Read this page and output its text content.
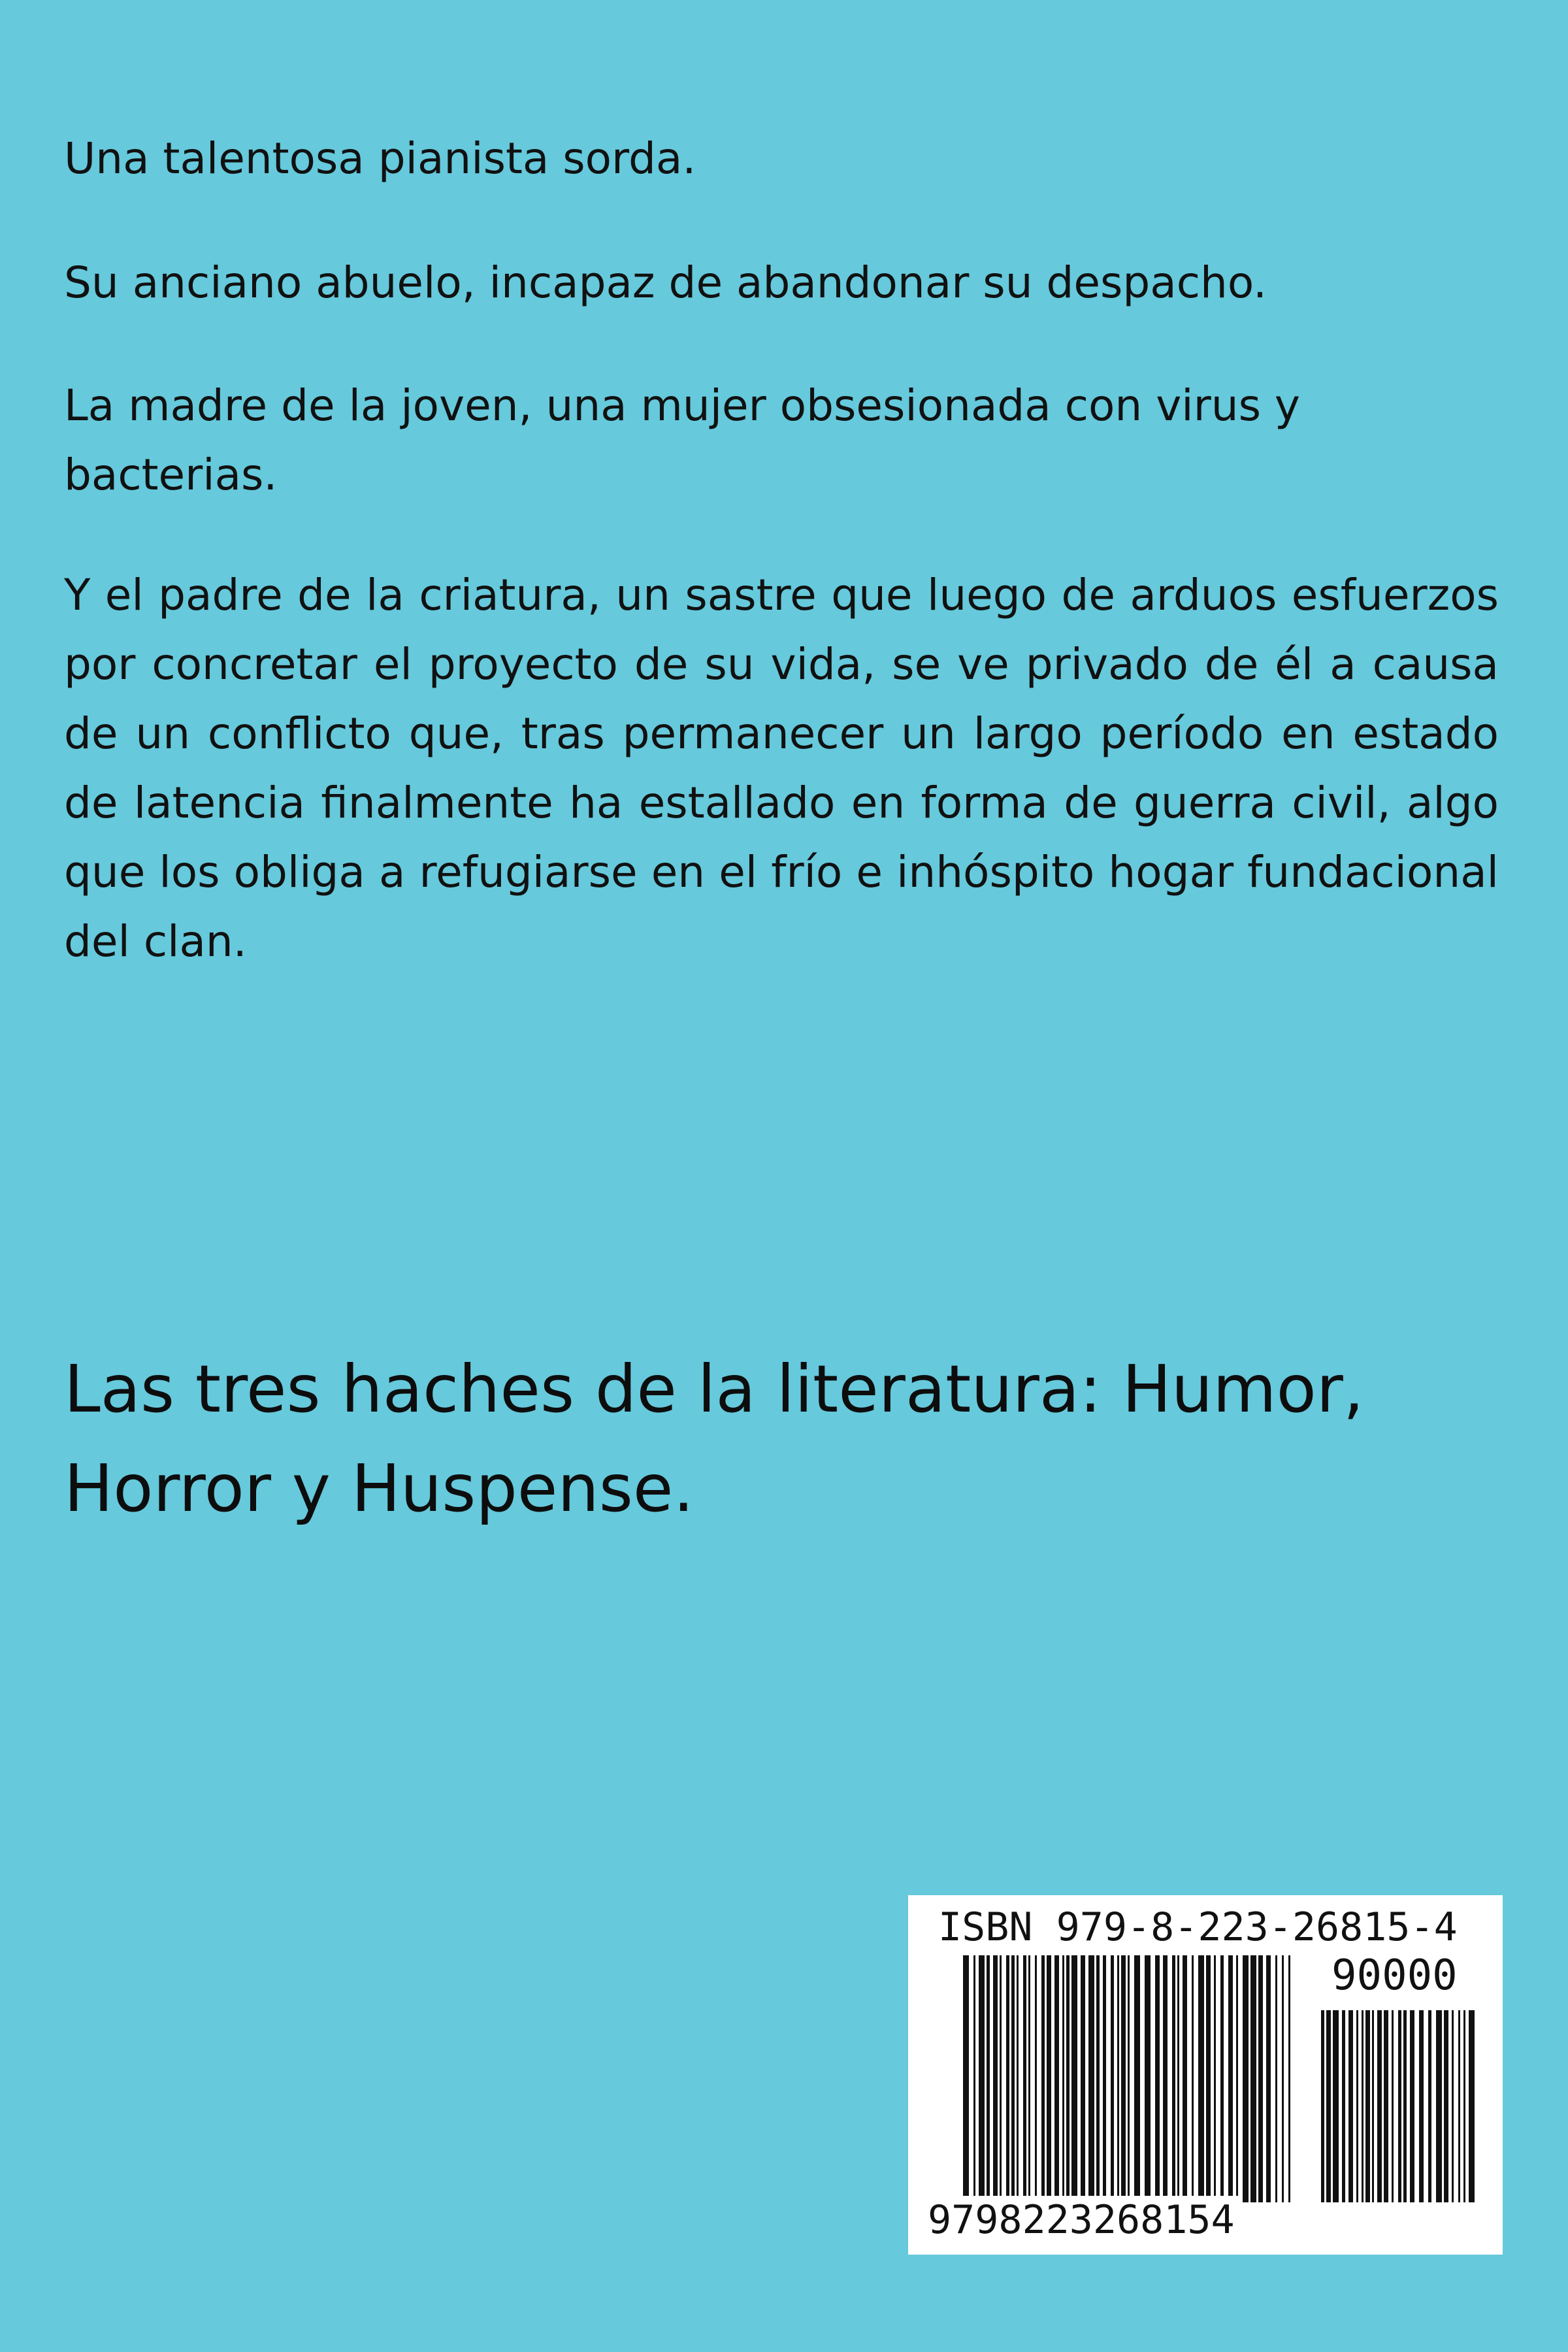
Una talentosa pianista sorda.

Su anciano abuelo, incapaz de abandonar su despacho.

La madre de la joven, una mujer obsesionada con virus y bacterias.

Y el padre de la criatura, un sastre que luego de arduos esfuerzos por concretar el proyecto de su vida, se ve privado de él a causa de un conflicto que, tras permanecer un largo período en estado de latencia finalmente ha estallado en forma de guerra civil, algo que los obliga a refugiarse en el frío e inhóspito hogar fundacional del clan.

Las tres haches de la literatura: Humor,
Horror y Huspense.
ISBN 979-8-223-26815-4
90000
9798223268154
